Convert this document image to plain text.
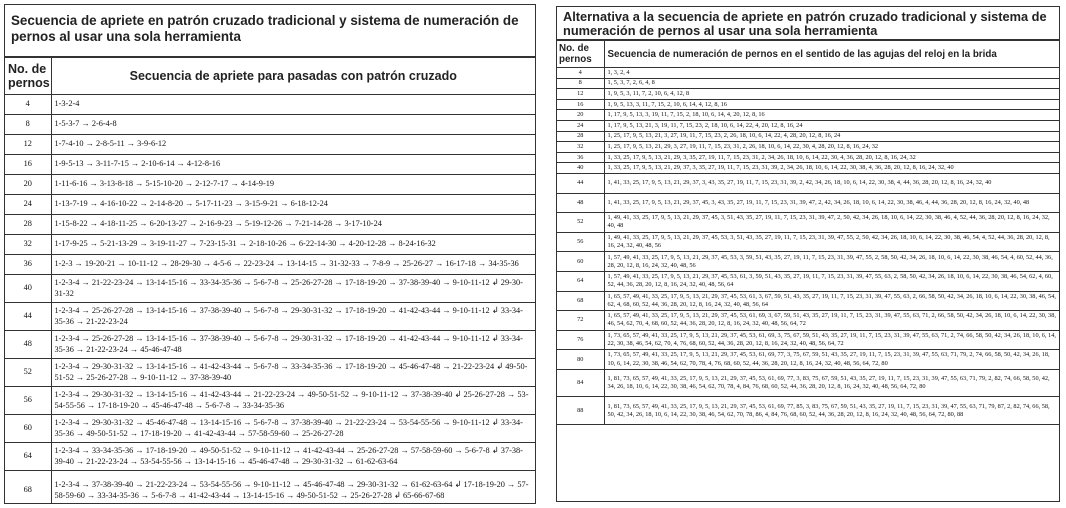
Secuencia de apriete en patrón cruzado tradicional y sistema de numeración de pernos al usar una sola herramienta
No. de pernos	Secuencia de apriete para pasadas con patrón cruzado
4	1-3-2-4
8	1-5-3-7 → 2-6-4-8
12	1-7-4-10 → 2-8-5-11 → 3-9-6-12
16	1-9-5-13 → 3-11-7-15 → 2-10-6-14 → 4-12-8-16
20	1-11-6-16 → 3-13-8-18 → 5-15-10-20 → 2-12-7-17 → 4-14-9-19
24	1-13-7-19 → 4-16-10-22 → 2-14-8-20 → 5-17-11-23 → 3-15-9-21 → 6-18-12-24
28	1-15-8-22 → 4-18-11-25 → 6-20-13-27 → 2-16-9-23 → 5-19-12-26 → 7-21-14-28 → 3-17-10-24
32	1-17-9-25 → 5-21-13-29 → 3-19-11-27 → 7-23-15-31 → 2-18-10-26 → 6-22-14-30 → 4-20-12-28 → 8-24-16-32
36	1-2-3 → 19-20-21 → 10-11-12 → 28-29-30 → 4-5-6 → 22-23-24 → 13-14-15 → 31-32-33 → 7-8-9 → 25-26-27 → 16-17-18 → 34-35-36
40	1-2-3-4 → 21-22-23-24 → 13-14-15-16 → 33-34-35-36 → 5-6-7-8 → 25-26-27-28 → 17-18-19-20 → 37-38-39-40 → 9-10-11-12 ↲ 29-30-31-32
44	1-2-3-4 → 25-26-27-28 → 13-14-15-16 → 37-38-39-40 → 5-6-7-8 → 29-30-31-32 → 17-18-19-20 → 41-42-43-44 → 9-10-11-12 ↲ 33-34-35-36 → 21-22-23-24
48	1-2-3-4 → 25-26-27-28 → 13-14-15-16 → 37-38-39-40 → 5-6-7-8 → 29-30-31-32 → 17-18-19-20 → 41-42-43-44 → 9-10-11-12 ↲ 33-34-35-36 → 21-22-23-24 → 45-46-47-48
52	1-2-3-4 → 29-30-31-32 → 13-14-15-16 → 41-42-43-44 → 5-6-7-8 → 33-34-35-36 → 17-18-19-20 → 45-46-47-48 → 21-22-23-24 ↲ 49-50-51-52 → 25-26-27-28 → 9-10-11-12 → 37-38-39-40
56	1-2-3-4 → 29-30-31-32 → 13-14-15-16 → 41-42-43-44 → 21-22-23-24 → 49-50-51-52 → 9-10-11-12 → 37-38-39-40 ↲ 25-26-27-28 → 53-54-55-56 → 17-18-19-20 → 45-46-47-48 → 5-6-7-8 → 33-34-35-36
60	1-2-3-4 → 29-30-31-32 → 45-46-47-48 → 13-14-15-16 → 5-6-7-8 → 37-38-39-40 → 21-22-23-24 → 53-54-55-56 → 9-10-11-12 ↲ 33-34-35-36 → 49-50-51-52 → 17-18-19-20 → 41-42-43-44 → 57-58-59-60 → 25-26-27-28
64	1-2-3-4 → 33-34-35-36 → 17-18-19-20 → 49-50-51-52 → 9-10-11-12 → 41-42-43-44 → 25-26-27-28 → 57-58-59-60 → 5-6-7-8 ↲ 37-38-39-40 → 21-22-23-24 → 53-54-55-56 → 13-14-15-16 → 45-46-47-48 → 29-30-31-32 → 61-62-63-64
68	1-2-3-4 → 37-38-39-40 → 21-22-23-24 → 53-54-55-56 → 9-10-11-12 → 45-46-47-48 → 29-30-31-32 → 61-62-63-64 ↲ 17-18-19-20 → 57-58-59-60 → 33-34-35-36 → 5-6-7-8 → 41-42-43-44 → 13-14-15-16 → 49-50-51-52 → 25-26-27-28 ↲ 65-66-67-68
Alternativa a la secuencia de apriete en patrón cruzado tradicional y sistema de numeración de pernos al usar una sola herramienta
No. de pernos	Secuencia de numeración de pernos en el sentido de las agujas del reloj en la brida
4	1, 3, 2, 4
8	1, 5, 3, 7, 2, 6, 4, 8
12	1, 9, 5, 3, 11, 7, 2, 10, 6, 4, 12, 8
16	1, 9, 5, 13, 3, 11, 7, 15, 2, 10, 6, 14, 4, 12, 8, 16
20	1, 17, 9, 5, 13, 3, 19, 11, 7, 15, 2, 18, 10, 6, 14, 4, 20, 12, 8, 16
24	1, 17, 9, 5, 13, 21, 3, 19, 11, 7, 15, 23, 2, 18, 10, 6, 14, 22, 4, 20, 12, 8, 16, 24
28	1, 25, 17, 9, 5, 13, 21, 3, 27, 19, 11, 7, 15, 23, 2, 26, 18, 10, 6, 14, 22, 4, 28, 20, 12, 8, 16, 24
32	1, 25, 17, 9, 5, 13, 21, 29, 3, 27, 19, 11, 7, 15, 23, 31, 2, 26, 18, 10, 6, 14, 22, 30, 4, 28, 20, 12, 8, 16, 24, 32
36	1, 33, 25, 17, 9, 5, 13, 21, 29, 3, 35, 27, 19, 11, 7, 15, 23, 31, 2, 34, 26, 18, 10, 6, 14, 22, 30, 4, 36, 28, 20, 12, 8, 16, 24, 32
40	1, 33, 25, 17, 9, 5, 13, 21, 29, 37, 3, 35, 27, 19, 11, 7, 15, 23, 31, 39, 2, 34, 26, 18, 10, 6, 14, 22, 30, 38, 4, 36, 28, 20, 12, 8, 16, 24, 32, 40
44	1, 41, 33, 25, 17, 9, 5, 13, 21, 29, 37, 3, 43, 35, 27, 19, 11, 7, 15, 23, 31, 39, 2, 42, 34, 26, 18, 10, 6, 14, 22, 30, 38, 4, 44, 36, 28, 20, 12, 8, 16, 24, 32, 40
48	1, 41, 33, 25, 17, 9, 5, 13, 21, 29, 37, 45, 3, 43, 35, 27, 19, 11, 7, 15, 23, 31, 39, 47, 2, 42, 34, 26, 18, 10, 6, 14, 22, 30, 38, 46, 4, 44, 36, 28, 20, 12, 8, 16, 24, 32, 40, 48
52	1, 49, 41, 33, 25, 17, 9, 5, 13, 21, 29, 37, 45, 3, 51, 43, 35, 27, 19, 11, 7, 15, 23, 31, 39, 47, 2, 50, 42, 34, 26, 18, 10, 6, 14, 22, 30, 38, 46, 4, 52, 44, 36, 28, 20, 12, 8, 16, 24, 32, 40, 48
56	1, 49, 41, 33, 25, 17, 9, 5, 13, 21, 29, 37, 45, 53, 3, 51, 43, 35, 27, 19, 11, 7, 15, 23, 31, 39, 47, 55, 2, 50, 42, 34, 26, 18, 10, 6, 14, 22, 30, 38, 46, 54, 4, 52, 44, 36, 28, 20, 12, 8, 16, 24, 32, 40, 48, 56
60	1, 57, 49, 41, 33, 25, 17, 9, 5, 13, 21, 29, 37, 45, 53, 3, 59, 51, 43, 35, 27, 19, 11, 7, 15, 23, 31, 39, 47, 55, 2, 58, 50, 42, 34, 26, 18, 10, 6, 14, 22, 30, 38, 46, 54, 4, 60, 52, 44, 36, 28, 20, 12, 8, 16, 24, 32, 40, 48, 56
64	1, 57, 49, 41, 33, 25, 17, 9, 5, 13, 21, 29, 37, 45, 53, 61, 3, 59, 51, 43, 35, 27, 19, 11, 7, 15, 23, 31, 39, 47, 55, 63, 2, 58, 50, 42, 34, 26, 18, 10, 6, 14, 22, 30, 38, 46, 54, 62, 4, 60, 52, 44, 36, 28, 20, 12, 8, 16, 24, 32, 40, 48, 56, 64
68	1, 65, 57, 49, 41, 33, 25, 17, 9, 5, 13, 21, 29, 37, 45, 53, 61, 3, 67, 59, 51, 43, 35, 27, 19, 11, 7, 15, 23, 31, 39, 47, 55, 63, 2, 66, 58, 50, 42, 34, 26, 18, 10, 6, 14, 22, 30, 38, 46, 54, 62, 4, 68, 60, 52, 44, 36, 28, 20, 12, 8, 16, 24, 32, 40, 48, 56, 64
72	1, 65, 57, 49, 41, 33, 25, 17, 9, 5, 13, 21, 29, 37, 45, 53, 61, 69, 3, 67, 59, 51, 43, 35, 27, 19, 11, 7, 15, 23, 31, 39, 47, 55, 63, 71, 2, 66, 58, 50, 42, 34, 26, 18, 10, 6, 14, 22, 30, 38, 46, 54, 62, 70, 4, 68, 60, 52, 44, 36, 28, 20, 12, 8, 16, 24, 32, 40, 48, 56, 64, 72
76	1, 73, 65, 57, 49, 41, 33, 25, 17, 9, 5, 13, 21, 29, 37, 45, 53, 61, 69, 3, 75, 67, 59, 51, 43, 35, 27, 19, 11, 7, 15, 23, 31, 39, 47, 55, 63, 71, 2, 74, 66, 58, 50, 42, 34, 26, 18, 10, 6, 14, 22, 30, 38, 46, 54, 62, 70, 4, 76, 68, 60, 52, 44, 36, 28, 20, 12, 8, 16, 24, 32, 40, 48, 56, 64, 72
80	1, 73, 65, 57, 49, 41, 33, 25, 17, 9, 5, 13, 21, 29, 37, 45, 53, 61, 69, 77, 3, 75, 67, 59, 51, 43, 35, 27, 19, 11, 7, 15, 23, 31, 39, 47, 55, 63, 71, 79, 2, 74, 66, 58, 50, 42, 34, 26, 18, 10, 6, 14, 22, 30, 38, 46, 54, 62, 70, 78, 4, 76, 68, 60, 52, 44, 36, 28, 20, 12, 8, 16, 24, 32, 40, 48, 56, 64, 72, 80
84	1, 81, 73, 65, 57, 49, 41, 33, 25, 17, 9, 5, 13, 21, 29, 37, 45, 53, 61, 69, 77, 3, 83, 75, 67, 59, 51, 43, 35, 27, 19, 11, 7, 15, 23, 31, 39, 47, 55, 63, 71, 79, 2, 82, 74, 66, 58, 50, 42, 34, 26, 18, 10, 6, 14, 22, 30, 38, 46, 54, 62, 70, 78, 4, 84, 76, 68, 60, 52, 44, 36, 28, 20, 12, 8, 16, 24, 32, 40, 48, 56, 64, 72, 80
88	1, 81, 73, 65, 57, 49, 41, 33, 25, 17, 9, 5, 13, 21, 29, 37, 45, 53, 61, 69, 77, 85, 3, 83, 75, 67, 59, 51, 43, 35, 27, 19, 11, 7, 15, 23, 31, 39, 47, 55, 63, 71, 79, 87, 2, 82, 74, 66, 58, 50, 42, 34, 26, 18, 10, 6, 14, 22, 30, 38, 46, 54, 62, 70, 78, 86, 4, 84, 76, 68, 60, 52, 44, 36, 28, 20, 12, 8, 16, 24, 32, 40, 48, 56, 64, 72, 80, 88
